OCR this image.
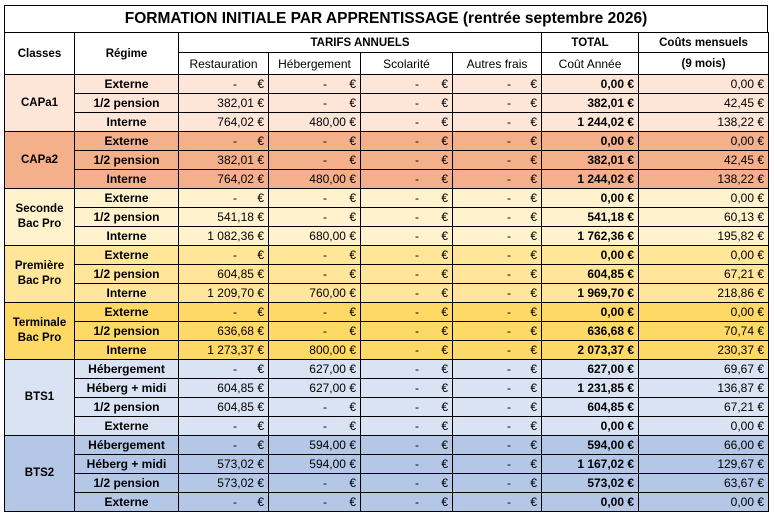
FORMATION INITIALE PAR APPRENTISSAGE (rentrée septembre 2026)
Classes	Régime	TARIFS ANNUELS				TOTAL	Coûts mensuels
		Restauration	Hébergement	Scolarité	Autres frais	Coût Année	(9 mois)
CAPa1	Externe	- €	- €	- €	- €	0,00 €	0,00 €
	1/2 pension	382,01 €	- €	- €	- €	382,01 €	42,45 €
	Interne	764,02 €	480,00 €	- €	- €	1 244,02 €	138,22 €
CAPa2	Externe	- €	- €	- €	- €	0,00 €	0,00 €
	1/2 pension	382,01 €	- €	- €	- €	382,01 €	42,45 €
	Interne	764,02 €	480,00 €	- €	- €	1 244,02 €	138,22 €
Seconde Bac Pro	Externe	- €	- €	- €	- €	0,00 €	0,00 €
	1/2 pension	541,18 €	- €	- €	- €	541,18 €	60,13 €
	Interne	1 082,36 €	680,00 €	- €	- €	1 762,36 €	195,82 €
Première Bac Pro	Externe	- €	- €	- €	- €	0,00 €	0,00 €
	1/2 pension	604,85 €	- €	- €	- €	604,85 €	67,21 €
	Interne	1 209,70 €	760,00 €	- €	- €	1 969,70 €	218,86 €
Terminale Bac Pro	Externe	- €	- €	- €	- €	0,00 €	0,00 €
	1/2 pension	636,68 €	- €	- €	- €	636,68 €	70,74 €
	Interne	1 273,37 €	800,00 €	- €	- €	2 073,37 €	230,37 €
BTS1	Hébergement	- €	627,00 €	- €	- €	627,00 €	69,67 €
	Héberg + midi	604,85 €	627,00 €	- €	- €	1 231,85 €	136,87 €
	1/2 pension	604,85 €	- €	- €	- €	604,85 €	67,21 €
	Externe	- €	- €	- €	- €	0,00 €	0,00 €
BTS2	Hébergement	- €	594,00 €	- €	- €	594,00 €	66,00 €
	Héberg + midi	573,02 €	594,00 €	- €	- €	1 167,02 €	129,67 €
	1/2 pension	573,02 €	- €	- €	- €	573,02 €	63,67 €
	Externe	- €	- €	- €	- €	0,00 €	0,00 €
